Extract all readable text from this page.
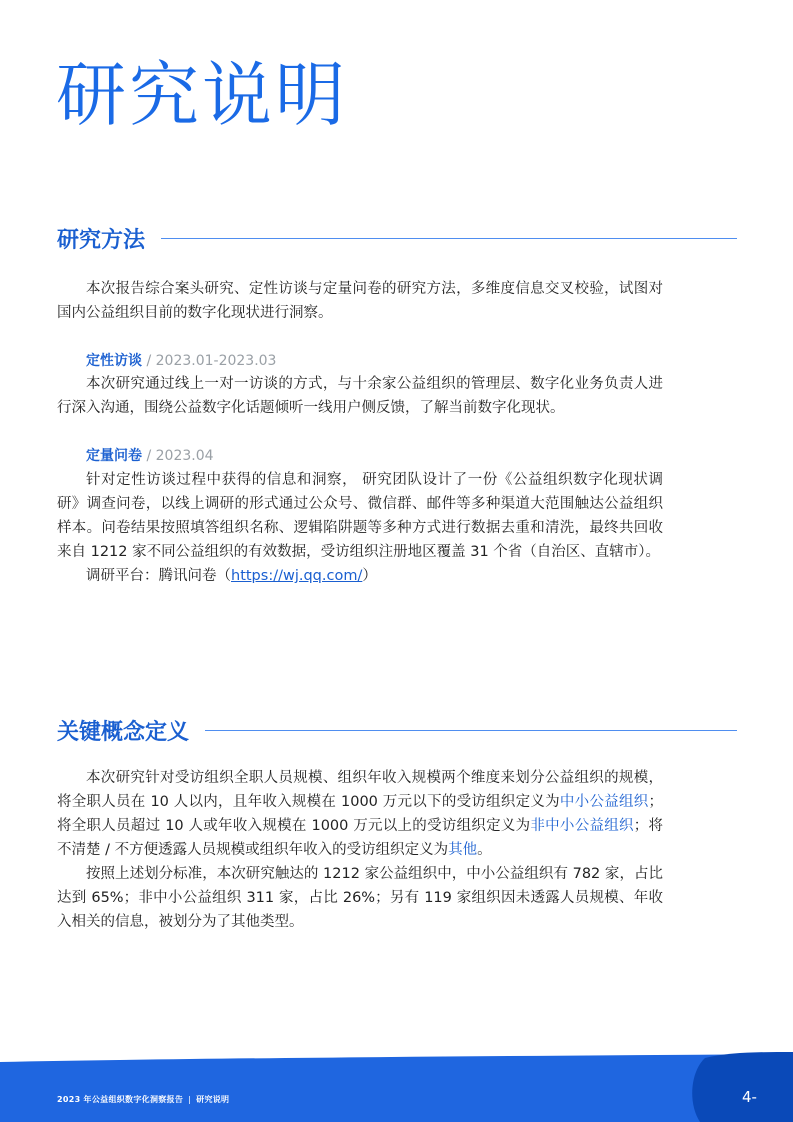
研究说明
研究方法

本次报告综合案头研究、定性访谈与定量问卷的研究方法，多维度信息交叉校验，试图对国内公益组织目前的数字化现状进行洞察。

定性访谈 / 2023.01-2023.03

本次研究通过线上一对一访谈的方式，与十余家公益组织的管理层、数字化业务负责人进行深入沟通，围绕公益数字化话题倾听一线用户侧反馈，了解当前数字化现状。

定量问卷 / 2023.04

针对定性访谈过程中获得的信息和洞察， 研究团队设计了一份《公益组织数字化现状调研》调查问卷，以线上调研的形式通过公众号、微信群、邮件等多种渠道大范围触达公益组织样本。问卷结果按照填答组织名称、逻辑陷阱题等多种方式进行数据去重和清洗，最终共回收来自 1212 家不同公益组织的有效数据，受访组织注册地区覆盖 31 个省（自治区、直辖市）。

调研平台：腾讯问卷（https://wj.qq.com/）

关键概念定义

本次研究针对受访组织全职人员规模、组织年收入规模两个维度来划分公益组织的规模，将全职人员在 10 人以内，且年收入规模在 1000 万元以下的受访组织定义为中小公益组织；将全职人员超过 10 人或年收入规模在 1000 万元以上的受访组织定义为非中小公益组织；将不清楚 / 不方便透露人员规模或组织年收入的受访组织定义为其他。

按照上述划分标准，本次研究触达的 1212 家公益组织中，中小公益组织有 782 家，占比达到 65%；非中小公益组织 311 家，占比 26%；另有 119 家组织因未透露人员规模、年收入相关的信息，被划分为了其他类型。

2023 年公益组织数字化洞察报告 | 研究说明	4-
